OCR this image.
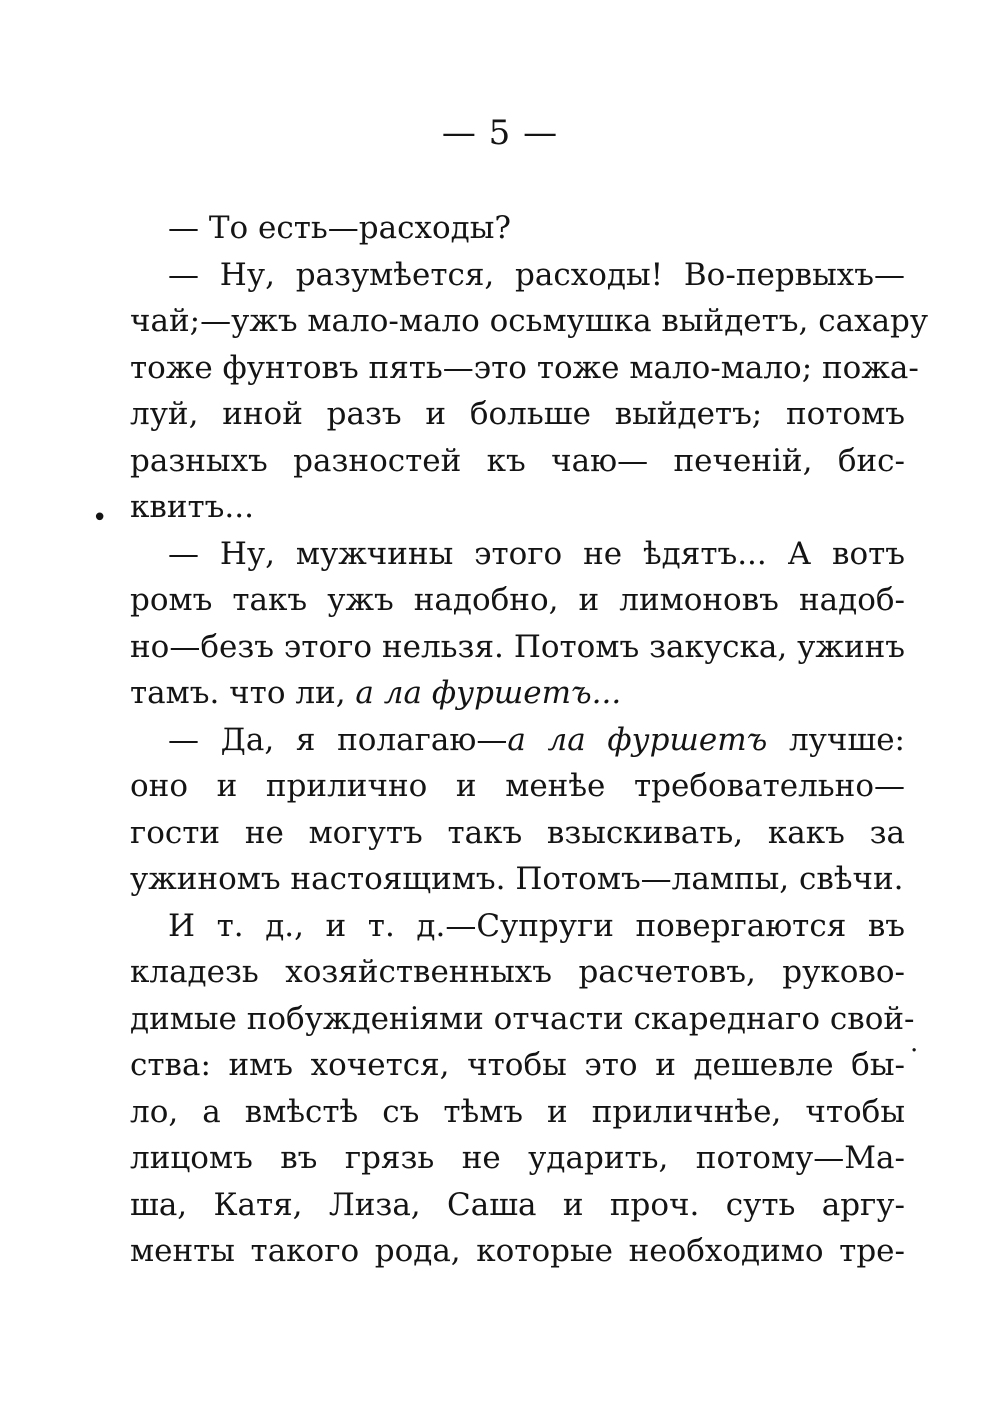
— 5 —
•
.
— То есть—расходы?
— Ну, разумѣется, расходы! Во-первыхъ—
чай;—ужъ мало-мало осьмушка выйдетъ, сахару
тоже фунтовъ пять—это тоже мало-мало; пожа-
луй, иной разъ и больше выйдетъ; потомъ
разныхъ разностей къ чаю— печеній, бис-
квитъ...
— Ну, мужчины этого не ѣдятъ... А вотъ
ромъ такъ ужъ надобно, и лимоновъ надоб-
но—безъ этого нельзя. Потомъ закуска, ужинъ
тамъ. что ли, а ла фуршетъ...
— Да, я полагаю—а ла фуршетъ лучше:
оно и прилично и менѣе требовательно—
гости не могутъ такъ взыскивать, какъ за
ужиномъ настоящимъ. Потомъ—лампы, свѣчи.
И т. д., и т. д.—Супруги повергаются въ
кладезь хозяйственныхъ расчетовъ, руково-
димые побужденіями отчасти скареднаго свой-
ства: имъ хочется, чтобы это и дешевле бы-
ло, а вмѣстѣ съ тѣмъ и приличнѣе, чтобы
лицомъ въ грязь не ударить, потому—Ма-
ша, Катя, Лиза, Саша и проч. суть аргу-
менты такого рода, которые необходимо тре-
